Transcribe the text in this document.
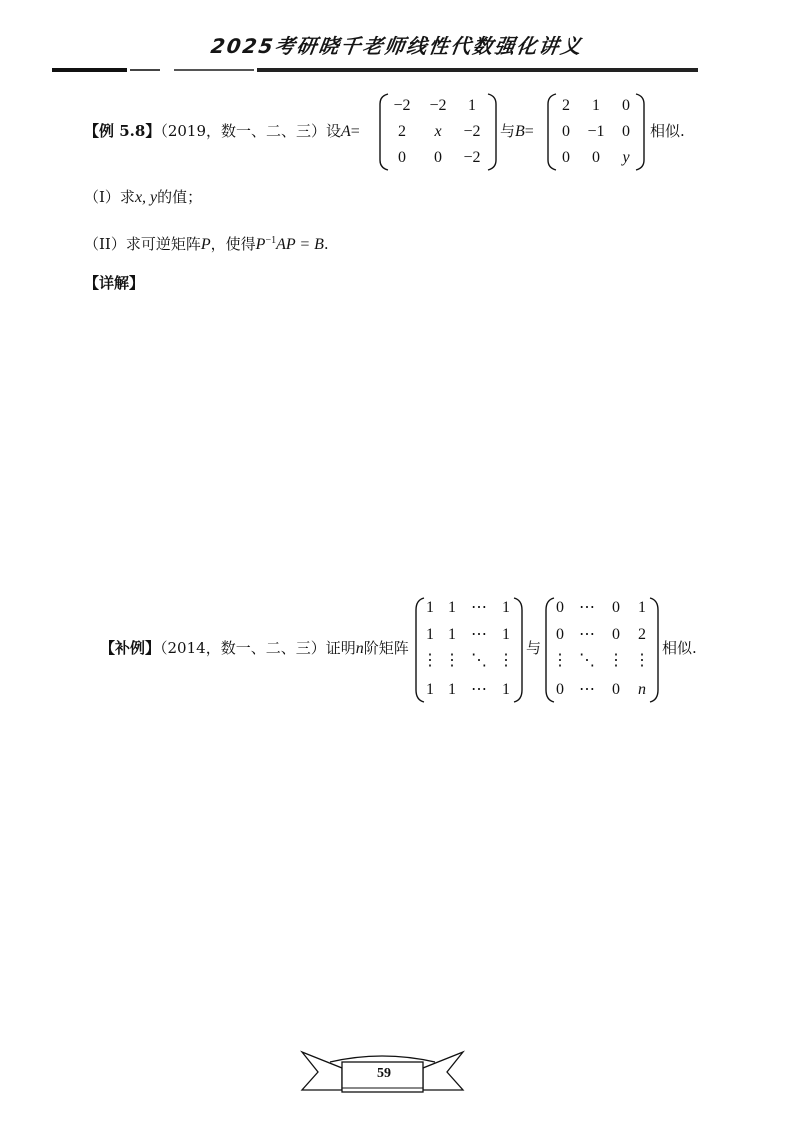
2025考研晓千老师线性代数强化讲义
【例 5.8】（2019，数一、二、三）设A=
−2	−2	1
2	x	−2
0	0	−2
与B=
2	1	0
0	−1	0
0	0	y
相似.
（I）求x, y的值；
（II）求可逆矩阵P，使得$P^{-1}AP = B$.
【详解】
【补例】（2014，数一、二、三）证明n阶矩阵
1 1 ⋯ 1
1 1 ⋯ 1
⋮ ⋮ ⋱ ⋮
1 1 ⋯ 1
与
0 ⋯	0	1
0 ⋯	0	2
⋮ ⋱ ⋮ ⋮
0 ⋯	0	n
相似.
59
